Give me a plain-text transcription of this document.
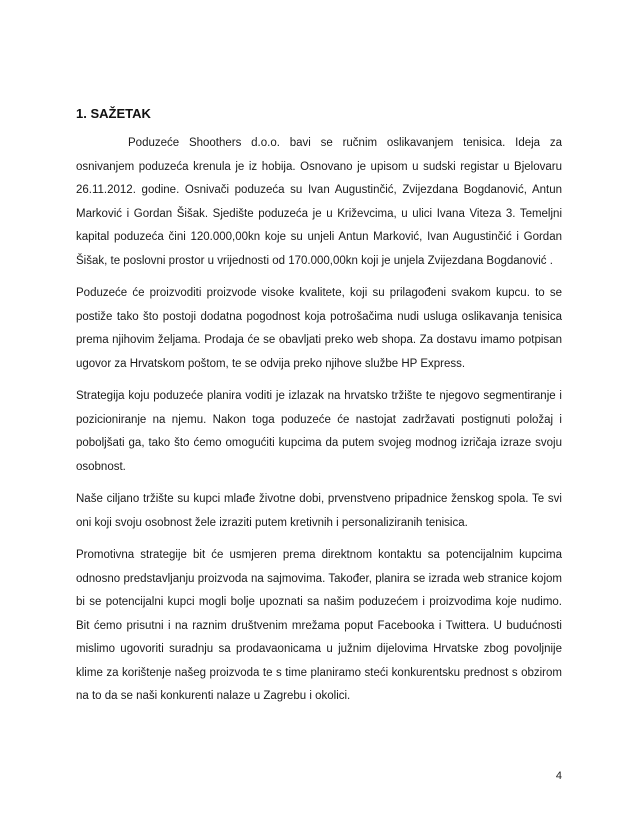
1. SAŽETAK

Poduzeće Shoothers d.o.o. bavi se ručnim oslikavanjem tenisica. Ideja za osnivanjem poduzeća krenula je iz hobija. Osnovano je upisom u sudski registar u Bjelovaru 26.11.2012. godine. Osnivači poduzeća su Ivan Augustinčić, Zvijezdana Bogdanović, Antun Marković i Gordan Šišak. Sjedište poduzeća je u Križevcima, u ulici Ivana Viteza 3. Temeljni kapital poduzeća čini 120.000,00kn koje su unjeli Antun Marković, Ivan Augustinčić i Gordan Šišak, te poslovni prostor u vrijednosti od 170.000,00kn koji je unjela Zvijezdana Bogdanović .

Poduzeće će proizvoditi proizvode visoke kvalitete, koji su prilagođeni svakom kupcu. to se postiže tako što postoji dodatna pogodnost koja potrošačima nudi usluga oslikavanja tenisica prema njihovim željama. Prodaja će se obavljati preko web shopa. Za dostavu imamo potpisan ugovor za Hrvatskom poštom, te se odvija preko njihove službe HP Express.

Strategija koju poduzeće planira voditi je izlazak na hrvatsko tržište te njegovo segmentiranje i pozicioniranje na njemu. Nakon toga poduzeće će nastojat zadržavati postignuti položaj i poboljšati ga, tako što ćemo omogućiti kupcima da putem svojeg modnog izričaja izraze svoju osobnost.

Naše ciljano tržište su kupci mlađe životne dobi, prvenstveno pripadnice ženskog spola. Te svi oni koji svoju osobnost žele izraziti putem kretivnih i personaliziranih tenisica.

Promotivna strategije bit će usmjeren prema direktnom kontaktu sa potencijalnim kupcima odnosno predstavljanju proizvoda na sajmovima. Također, planira se izrada web stranice kojom bi se potencijalni kupci mogli bolje upoznati sa našim poduzećem i proizvodima koje nudimo. Bit ćemo prisutni i na raznim društvenim mrežama poput Facebooka i Twittera. U budućnosti mislimo ugovoriti suradnju sa prodavaonicama u južnim dijelovima Hrvatske zbog povoljnije klime za korištenje našeg proizvoda te s time planiramo steći konkurentsku prednost s obzirom na to da se naši konkurenti nalaze u Zagrebu i okolici.

4
